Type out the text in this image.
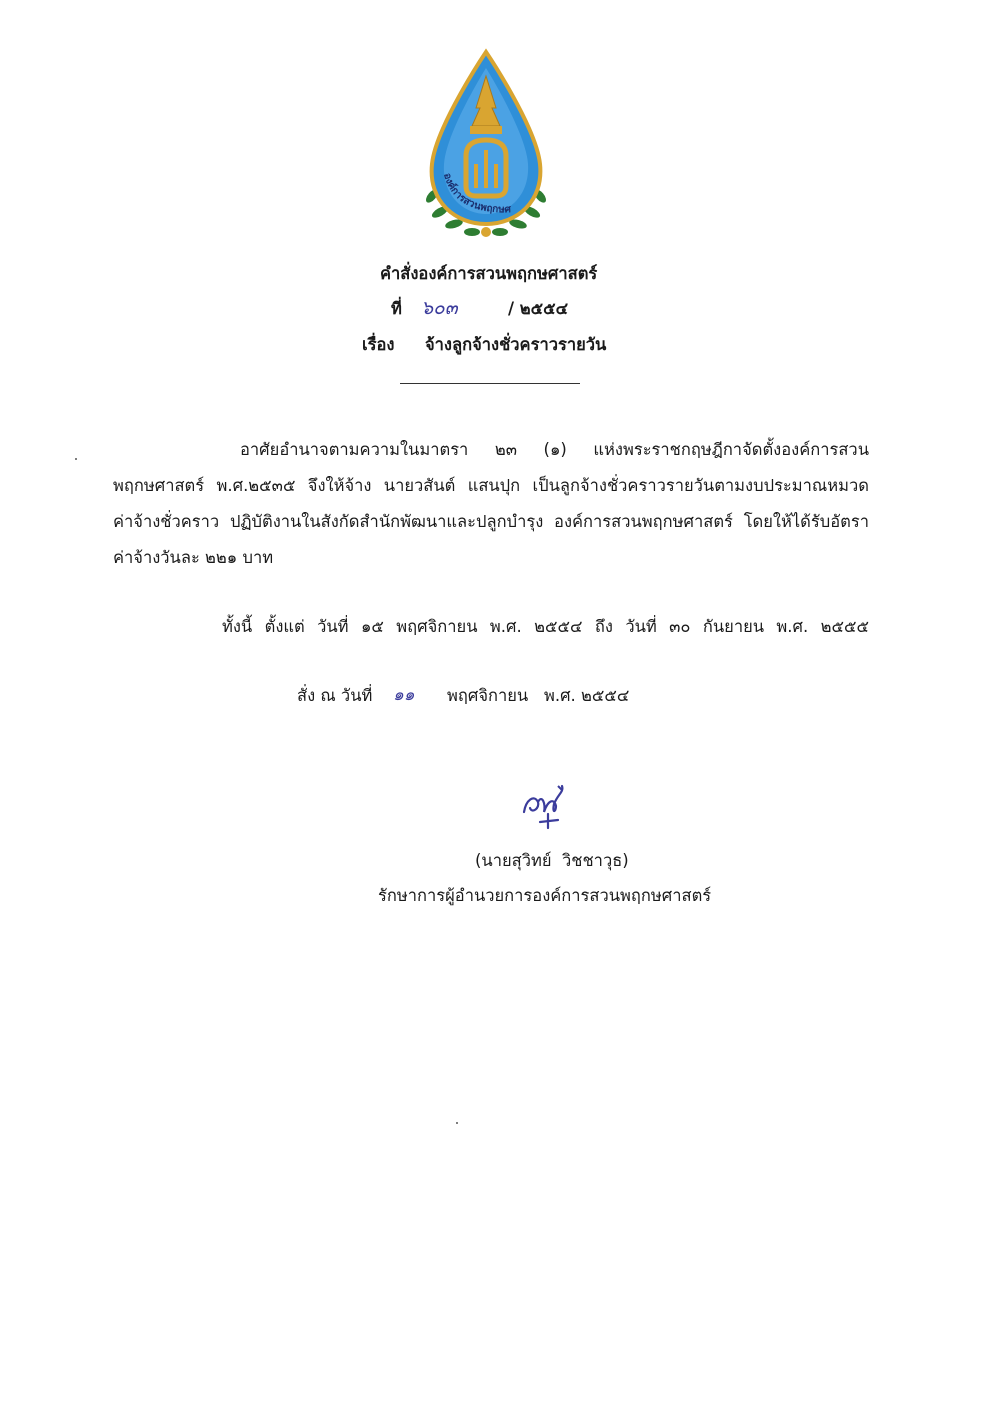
องค์การสวนพฤกษศ
คำสั่งองค์การสวนพฤกษศาสตร์
ที่ ๖๐๓	/ ๒๕๕๔
เรื่อง จ้างลูกจ้างชั่วคราวรายวัน
อาศัยอำนาจตามความในมาตรา ๒๓ (๑) แห่งพระราชกฤษฎีกาจัดตั้งองค์การสวน
พฤกษศาสตร์ พ.ศ.๒๕๓๕ จึงให้จ้าง นายวสันต์ แสนปุก เป็นลูกจ้างชั่วคราวรายวันตามงบประมาณหมวด
ค่าจ้างชั่วคราว ปฏิบัติงานในสังกัดสำนักพัฒนาและปลูกบำรุง องค์การสวนพฤกษศาสตร์ โดยให้ได้รับอัตรา
ค่าจ้างวันละ ๒๒๑ บาท
ทั้งนี้ ตั้งแต่ วันที่ ๑๕ พฤศจิกายน พ.ศ. ๒๕๕๔ ถึง วันที่ ๓๐ กันยายน พ.ศ. ๒๕๕๕
สั่ง ณ วันที่ ๑๑ พฤศจิกายน   พ.ศ. ๒๕๕๔
(นายสุวิทย์  วิชชาวุธ)
รักษาการผู้อำนวยการองค์การสวนพฤกษศาสตร์
